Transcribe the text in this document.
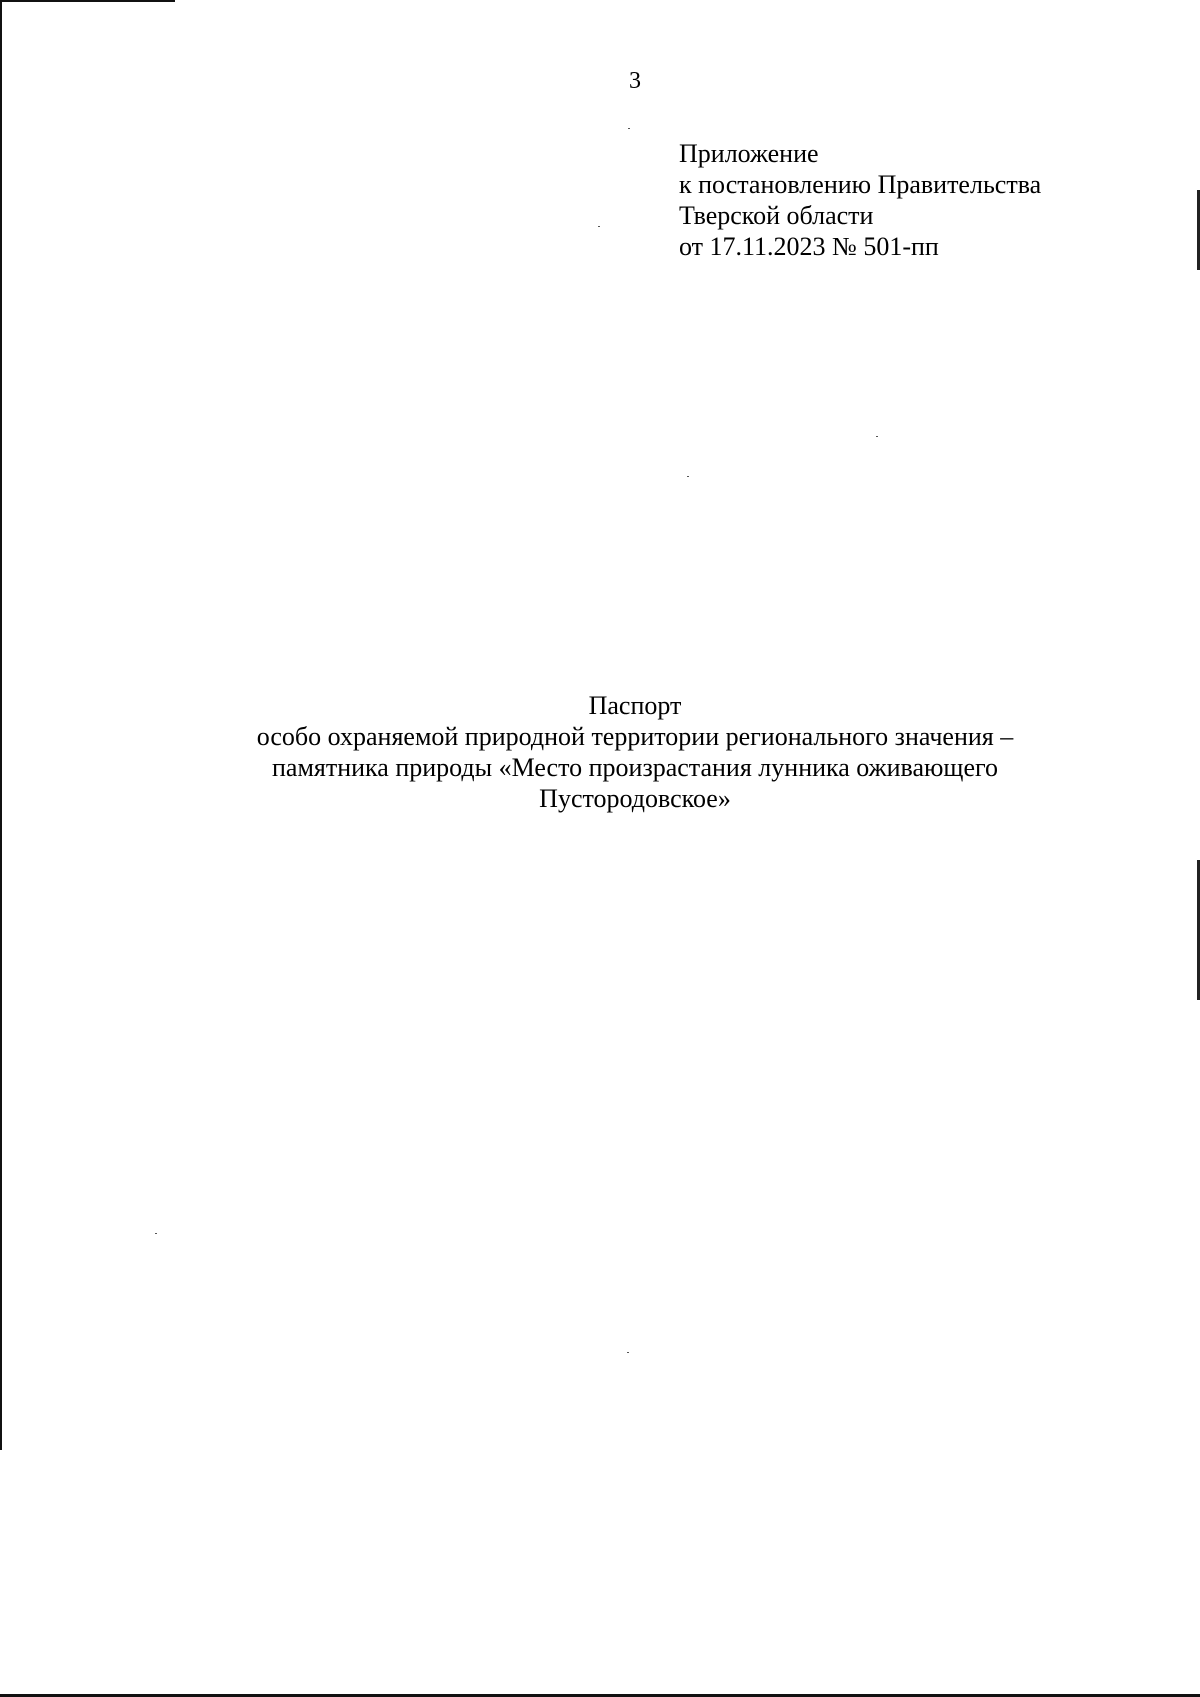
3
Приложение
к постановлению Правительства
Тверской области
от 17.11.2023 № 501-пп
Паспорт
особо охраняемой природной территории регионального значения –
памятника природы «Место произрастания лунника оживающего
Пустородовское»
